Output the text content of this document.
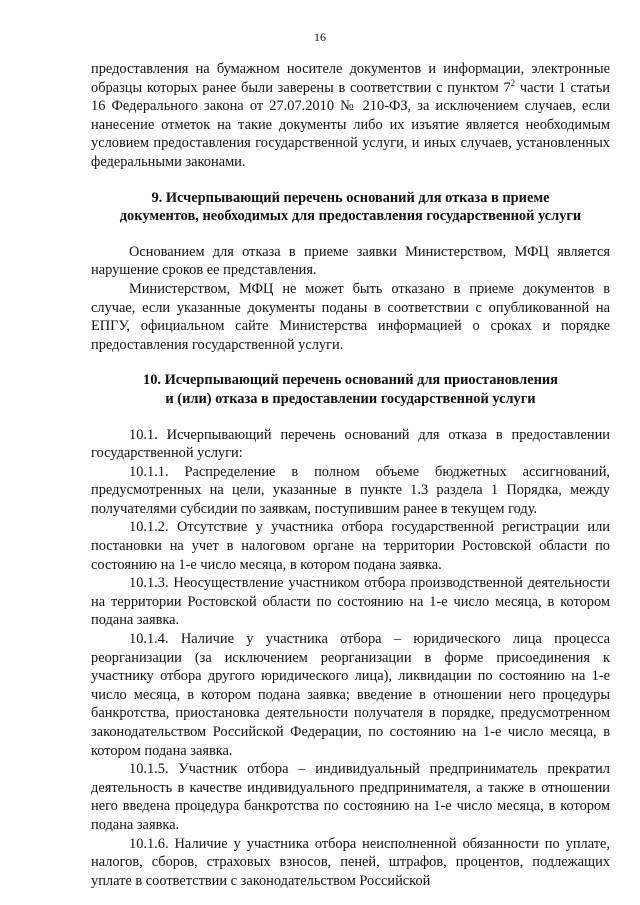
16

предоставления на бумажном носителе документов и информации, электронные образцы которых ранее были заверены в соответствии с пунктом $7^2$ части 1 статьи 16 Федерального закона от 27.07.2010 № 210-ФЗ, за исключением случаев, если нанесение отметок на такие документы либо их изъятие является необходимым условием предоставления государственной услуги, и иных случаев, установленных федеральными законами.

9. Исчерпывающий перечень оснований для отказа в приеме
документов, необходимых для предоставления государственной услуги

Основанием для отказа в приеме заявки Министерством, МФЦ является нарушение сроков ее представления.

Министерством, МФЦ не может быть отказано в приеме документов в случае, если указанные документы поданы в соответствии с опубликованной на ЕПГУ, официальном сайте Министерства информацией о сроках и порядке предоставления государственной услуги.

10. Исчерпывающий перечень оснований для приостановления
и (или) отказа в предоставлении государственной услуги

10.1. Исчерпывающий перечень оснований для отказа в предоставлении государственной услуги:

10.1.1. Распределение в полном объеме бюджетных ассигнований, предусмотренных на цели, указанные в пункте 1.3 раздела 1 Порядка, между получателями субсидии по заявкам, поступившим ранее в текущем году.

10.1.2. Отсутствие у участника отбора государственной регистрации или постановки на учет в налоговом органе на территории Ростовской области по состоянию на 1-е число месяца, в котором подана заявка.

10.1.3. Неосуществление участником отбора производственной деятельности на территории Ростовской области по состоянию на 1-е число месяца, в котором подана заявка.

10.1.4. Наличие у участника отбора – юридического лица процесса реорганизации (за исключением реорганизации в форме присоединения к участнику отбора другого юридического лица), ликвидации по состоянию на 1-е число месяца, в котором подана заявка; введение в отношении него процедуры банкротства, приостановка деятельности получателя в порядке, предусмотренном законодательством Российской Федерации, по состоянию на 1-е число месяца, в котором подана заявка.

10.1.5. Участник отбора – индивидуальный предприниматель прекратил деятельность в качестве индивидуального предпринимателя, а также в отношении него введена процедура банкротства по состоянию на 1-е число месяца, в котором подана заявка.

10.1.6. Наличие у участника отбора неисполненной обязанности по уплате, налогов, сборов, страховых взносов, пеней, штрафов, процентов, подлежащих уплате в соответствии с законодательством Российской
